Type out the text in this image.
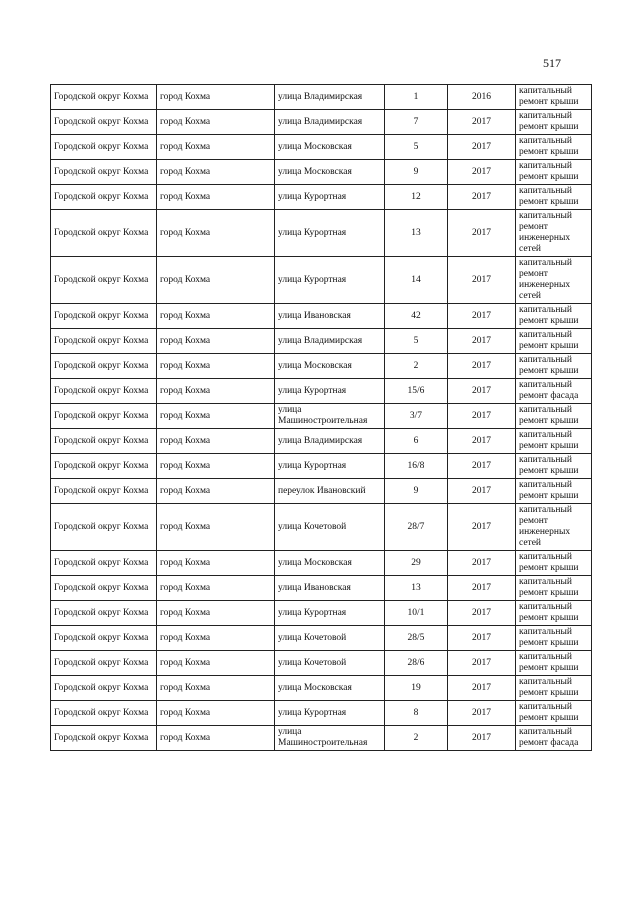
517
Городской округ Кохма	город Кохма	улица Владимирская	1	2016	капитальный ремонт крыши
Городской округ Кохма	город Кохма	улица Владимирская	7	2017	капитальный ремонт крыши
Городской округ Кохма	город Кохма	улица Московская	5	2017	капитальный ремонт крыши
Городской округ Кохма	город Кохма	улица Московская	9	2017	капитальный ремонт крыши
Городской округ Кохма	город Кохма	улица Курортная	12	2017	капитальный ремонт крыши
Городской округ Кохма	город Кохма	улица Курортная	13	2017	капитальный ремонт инженерных сетей
Городской округ Кохма	город Кохма	улица Курортная	14	2017	капитальный ремонт инженерных сетей
Городской округ Кохма	город Кохма	улица Ивановская	42	2017	капитальный ремонт крыши
Городской округ Кохма	город Кохма	улица Владимирская	5	2017	капитальный ремонт крыши
Городской округ Кохма	город Кохма	улица Московская	2	2017	капитальный ремонт крыши
Городской округ Кохма	город Кохма	улица Курортная	15/6	2017	капитальный ремонт фасада
Городской округ Кохма	город Кохма	улица Машиностроительная	3/7	2017	капитальный ремонт крыши
Городской округ Кохма	город Кохма	улица Владимирская	6	2017	капитальный ремонт крыши
Городской округ Кохма	город Кохма	улица Курортная	16/8	2017	капитальный ремонт крыши
Городской округ Кохма	город Кохма	переулок Ивановский	9	2017	капитальный ремонт крыши
Городской округ Кохма	город Кохма	улица Кочетовой	28/7	2017	капитальный ремонт инженерных сетей
Городской округ Кохма	город Кохма	улица Московская	29	2017	капитальный ремонт крыши
Городской округ Кохма	город Кохма	улица Ивановская	13	2017	капитальный ремонт крыши
Городской округ Кохма	город Кохма	улица Курортная	10/1	2017	капитальный ремонт крыши
Городской округ Кохма	город Кохма	улица Кочетовой	28/5	2017	капитальный ремонт крыши
Городской округ Кохма	город Кохма	улица Кочетовой	28/6	2017	капитальный ремонт крыши
Городской округ Кохма	город Кохма	улица Московская	19	2017	капитальный ремонт крыши
Городской округ Кохма	город Кохма	улица Курортная	8	2017	капитальный ремонт крыши
Городской округ Кохма	город Кохма	улица Машиностроительная	2	2017	капитальный ремонт фасада
